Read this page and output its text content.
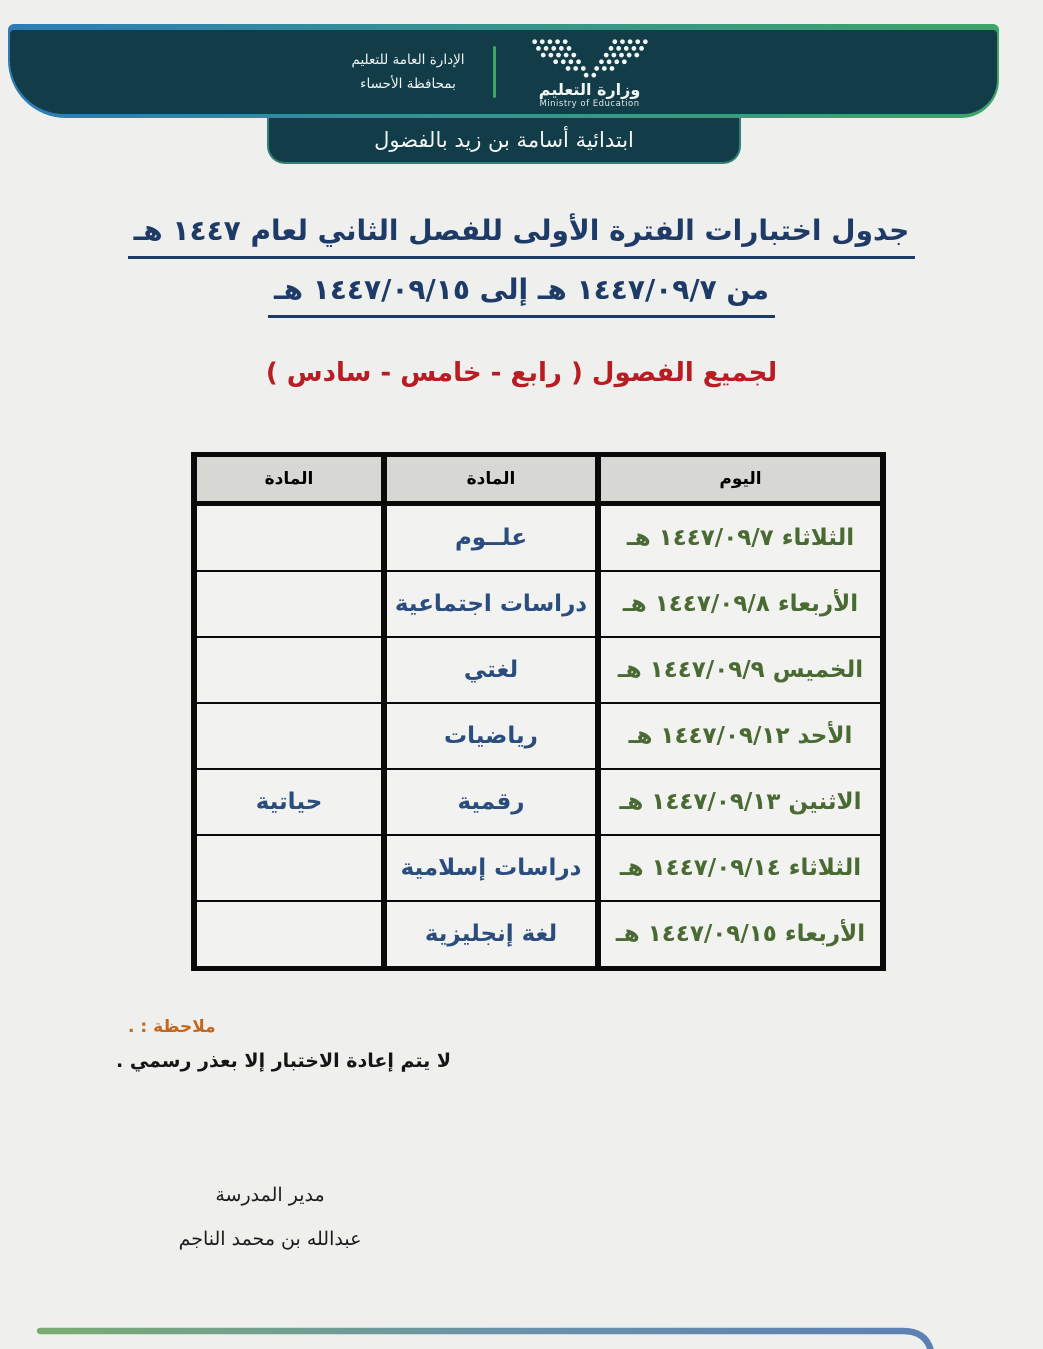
الإدارة العامة للتعليم
بمحافظة الأحساء	وزارة التعليم
Ministry of Education
ابتدائية أسامة بن زيد بالفضول
جدول اختبارات الفترة الأولى للفصل الثاني لعام ١٤٤٧ هـ
من ١٤٤٧/٠٩/٧ هـ إلى ١٤٤٧/٠٩/١٥ هـ
لجميع الفصول ( رابع - خامس - سادس )
اليوم	المادة	المادة
الثلاثاء ١٤٤٧/٠٩/٧ هـ	علــوم	
الأربعاء ١٤٤٧/٠٩/٨ هـ	دراسات اجتماعية	
الخميس ١٤٤٧/٠٩/٩ هـ	لغتي	
الأحد ١٤٤٧/٠٩/١٢ هـ	رياضيات	
الاثنين ١٤٤٧/٠٩/١٣ هـ	رقمية	حياتية
الثلاثاء ١٤٤٧/٠٩/١٤ هـ	دراسات إسلامية	
الأربعاء ١٤٤٧/٠٩/١٥ هـ	لغة إنجليزية	
ملاحظة : .
لا يتم إعادة الاختبار إلا بعذر رسمي .
مدير المدرسة
عبدالله بن محمد الناجم
